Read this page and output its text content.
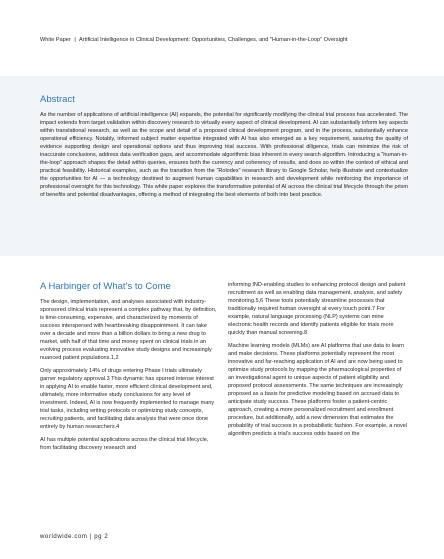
White Paper | Artificial Intelligence in Clinical Development: Opportunities, Challenges, and "Human-in-the-Loop" Oversight
Abstract
As the number of applications of artificial intelligence (AI) expands, the potential for significantly modifying the clinical trial process has accelerated. The impact extends from target validation within discovery research to virtually every aspect of clinical development. AI can substantially inform key aspects within translational research, as well as the scope and detail of a proposed clinical development program, and in the process, substantially enhance operational efficiency. Notably, informed subject matter expertise integrated with AI has also emerged as a key requirement, assuring the quality of evidence supporting design and operational options and thus improving trial success. With professional diligence, trials can minimize the risk of inaccurate conclusions, address data verification gaps, and accommodate algorithmic bias inherent in every search algorithm. Introducing a “human-in-the-loop” approach shapes the detail within queries, ensures both the currency and coherency of results, and does so within the context of ethical and practical feasibility. Historical examples, such as the transition from the “Rolodex” research library to Google Scholar, help illustrate and contextualize the opportunities for AI — a technology destined to augment human capabilities in research and development while reinforcing the importance of professional oversight for this technology. This white paper explores the transformative potential of AI across the clinical trial lifecycle through the prism of benefits and potential disadvantages, offering a method of integrating the best elements of both into best practice.
A Harbinger of What’s to Come

The design, implementation, and analyses associated with industry-sponsored clinical trials represent a complex pathway that, by definition, is time-consuming, expensive, and characterized by moments of success interspersed with heartbreaking disappointment. It can take over a decade and more than a billion dollars to bring a new drug to market, with half of that time and money spent on clinical trials in an evolving process evaluating innovative study designs and increasingly nuanced patient populations.1,2

Only approximately 14% of drugs entering Phase I trials ultimately garner regulatory approval.3 This dynamic has spurred intense interest in applying AI to enable faster, more efficient clinical development and, ultimately, more informative study conclusions for any level of investment. Indeed, AI is now frequently implemented to manage many trial tasks, including writing protocols or optimizing study concepts, recruiting patients, and facilitating data analysis that were once done entirely by human researchers.4

AI has multiple potential applications across the clinical trial lifecycle, from facilitating discovery research and

informing IND-enabling studies to enhancing protocol design and patient recruitment as well as enabling data management, analysis, and safety monitoring.5,6 These tools potentially streamline processes that traditionally required human oversight at every touch point.7 For example, natural language processing (NLP) systems can mine electronic health records and identify patients eligible for trials more quickly than manual screening.8

Machine learning models (MLMs) are AI platforms that use data to learn and make decisions. These platforms potentially represent the most innovative and far-reaching application of AI and are now being used to optimize study protocols by mapping the pharmacological properties of an investigational agent to unique aspects of patient eligibility and proposed protocol assessments. The same techniques are increasingly proposed as a basis for predictive modeling based on accrued data to anticipate study success. These platforms foster a patient-centric approach, creating a more personalized recruitment and enrollment procedure, but additionally, add a new dimension that estimates the probability of trial success in a probabilistic fashion. For example, a novel algorithm predicts a trial’s success odds based on the

worldwide.com | pg 2
